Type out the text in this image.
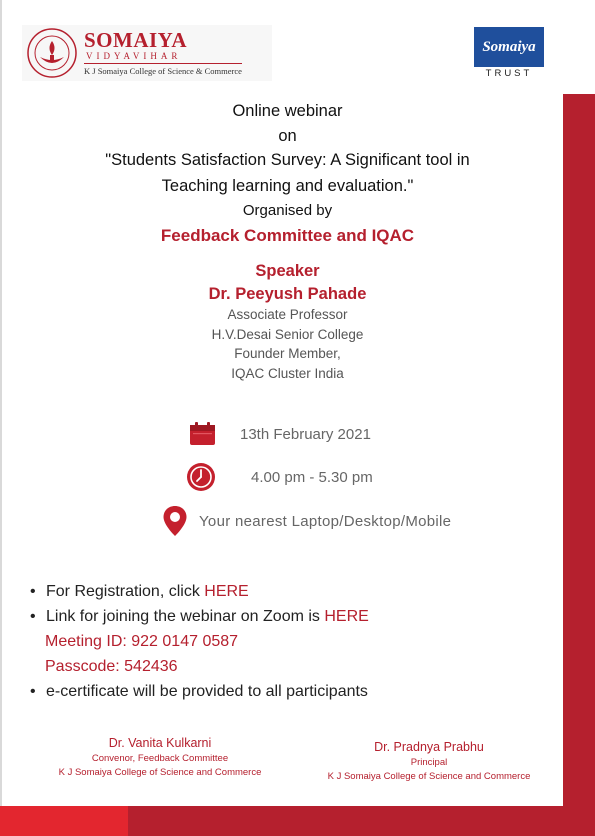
SOMAIYA
VIDYAVIHAR
K J Somaiya College of Science & Commerce
Somaiya
TRUST
Online webinar
on
"Students Satisfaction Survey: A Significant tool in
Teaching learning and evaluation."
Organised by
Feedback Committee and IQAC
Speaker
Dr. Peeyush Pahade
Associate Professor
H.V.Desai Senior College
Founder Member,
IQAC Cluster India
13th February 2021
4.00 pm - 5.30 pm
Your nearest Laptop/Desktop/Mobile
• For Registration, click HERE
• Link for joining the webinar on Zoom is HERE
Meeting ID: 922 0147 0587
Passcode: 542436
• e-certificate will be provided to all participants
Dr. Vanita Kulkarni
Convenor, Feedback Committee
K J Somaiya College of Science and Commerce
Dr. Pradnya Prabhu
Principal
K J Somaiya College of Science and Commerce
